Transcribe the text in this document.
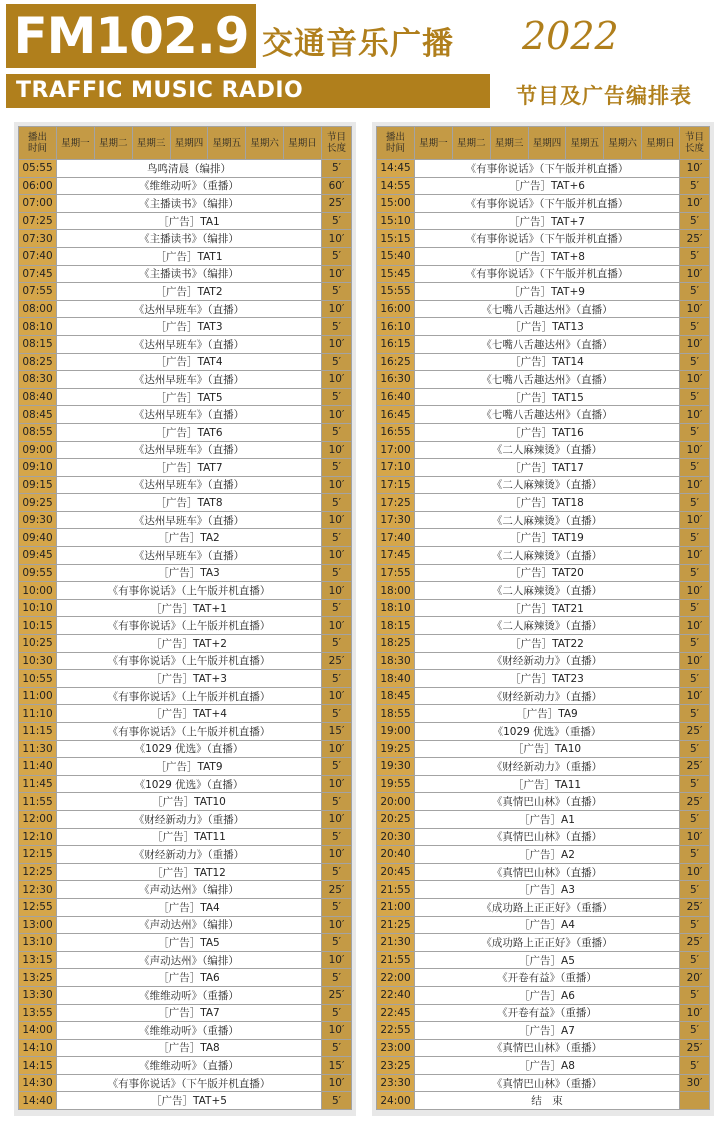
FM102.9 交通音乐广播 2022
TRAFFIC MUSIC RADIO	节目及广告编排表
播出
时间	星期一	星期二	星期三	星期四	星期五	星期六	星期日	节目
长度
05:55	鸟鸣清晨（编排）							5′
06:00	《维维动听》（重播）							60′
07:00	《主播读书》（编排）							25′
07:25	［广告］TA1							5′
07:30	《主播读书》（编排）							10′
07:40	［广告］TAT1							5′
07:45	《主播读书》（编排）							10′
07:55	［广告］TAT2							5′
08:00	《达州早班车》（直播）							10′
08:10	［广告］TAT3							5′
08:15	《达州早班车》（直播）							10′
08:25	［广告］TAT4							5′
08:30	《达州早班车》（直播）							10′
08:40	［广告］TAT5							5′
08:45	《达州早班车》（直播）							10′
08:55	［广告］TAT6							5′
09:00	《达州早班车》（直播）							10′
09:10	［广告］TAT7							5′
09:15	《达州早班车》（直播）							10′
09:25	［广告］TAT8							5′
09:30	《达州早班车》（直播）							10′
09:40	［广告］TA2							5′
09:45	《达州早班车》（直播）							10′
09:55	［广告］TA3							5′
10:00	《有事你说话》（上午版并机直播）							10′
10:10	［广告］TAT+1							5′
10:15	《有事你说话》（上午版并机直播）							10′
10:25	［广告］TAT+2							5′
10:30	《有事你说话》（上午版并机直播）							25′
10:55	［广告］TAT+3							5′
11:00	《有事你说话》（上午版并机直播）							10′
11:10	［广告］TAT+4							5′
11:15	《有事你说话》（上午版并机直播）							15′
11:30	《1029 优选》（直播）							10′
11:40	［广告］TAT9							5′
11:45	《1029 优选》（直播）							10′
11:55	［广告］TAT10							5′
12:00	《财经新动力》（重播）							10′
12:10	［广告］TAT11							5′
12:15	《财经新动力》（重播）							10′
12:25	［广告］TAT12							5′
12:30	《声动达州》（编排）							25′
12:55	［广告］TA4							5′
13:00	《声动达州》（编排）							10′
13:10	［广告］TA5							5′
13:15	《声动达州》（编排）							10′
13:25	［广告］TA6							5′
13:30	《维维动听》（重播）							25′
13:55	［广告］TA7							5′
14:00	《维维动听》（重播）							10′
14:10	［广告］TA8							5′
14:15	《维维动听》（直播）							15′
14:30	《有事你说话》（下午版并机直播）							10′
14:40	［广告］TAT+5							5′
播出
时间	星期一	星期二	星期三	星期四	星期五	星期六	星期日	节目
长度
14:45	《有事你说话》（下午版并机直播）							10′
14:55	［广告］TAT+6							5′
15:00	《有事你说话》（下午版并机直播）							10′
15:10	［广告］TAT+7							5′
15:15	《有事你说话》（下午版并机直播）							25′
15:40	［广告］TAT+8							5′
15:45	《有事你说话》（下午版并机直播）							10′
15:55	［广告］TAT+9							5′
16:00	《七嘴八舌趣达州》（直播）							10′
16:10	［广告］TAT13							5′
16:15	《七嘴八舌趣达州》（直播）							10′
16:25	［广告］TAT14							5′
16:30	《七嘴八舌趣达州》（直播）							10′
16:40	［广告］TAT15							5′
16:45	《七嘴八舌趣达州》（直播）							10′
16:55	［广告］TAT16							5′
17:00	《二人麻辣烫》（直播）							10′
17:10	［广告］TAT17							5′
17:15	《二人麻辣烫》（直播）							10′
17:25	［广告］TAT18							5′
17:30	《二人麻辣烫》（直播）							10′
17:40	［广告］TAT19							5′
17:45	《二人麻辣烫》（直播）							10′
17:55	［广告］TAT20							5′
18:00	《二人麻辣烫》（直播）							10′
18:10	［广告］TAT21							5′
18:15	《二人麻辣烫》（直播）							10′
18:25	［广告］TAT22							5′
18:30	《财经新动力》（直播）							10′
18:40	［广告］TAT23							5′
18:45	《财经新动力》（直播）							10′
18:55	［广告］TA9							5′
19:00	《1029 优选》（重播）							25′
19:25	［广告］TA10							5′
19:30	《财经新动力》（重播）							25′
19:55	［广告］TA11							5′
20:00	《真情巴山林》（直播）							25′
20:25	［广告］A1							5′
20:30	《真情巴山林》（直播）							10′
20:40	［广告］A2							5′
20:45	《真情巴山林》（直播）							10′
21:55	［广告］A3							5′
21:00	《成功路上正正好》（重播）							25′
21:25	［广告］A4							5′
21:30	《成功路上正正好》（重播）							25′
21:55	［广告］A5							5′
22:00	《开卷有益》（重播）							20′
22:40	［广告］A6							5′
22:45	《开卷有益》（重播）							10′
22:55	［广告］A7							5′
23:00	《真情巴山林》（重播）							25′
23:25	［广告］A8							5′
23:30	《真情巴山林》（重播）							30′
24:00	结　束							
